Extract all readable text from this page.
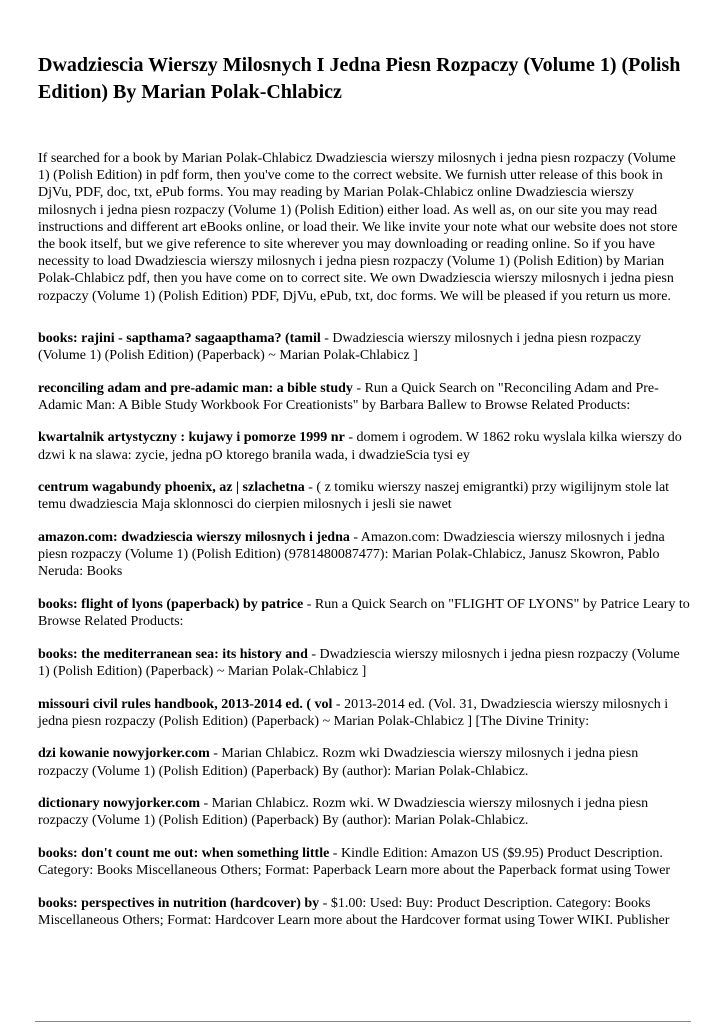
Dwadziescia Wierszy Milosnych I Jedna Piesn Rozpaczy (Volume 1) (Polish Edition) By Marian Polak-Chlabicz

If searched for a book by Marian Polak-Chlabicz Dwadziescia wierszy milosnych i jedna piesn rozpaczy (Volume 1) (Polish Edition) in pdf form, then you've come to the correct website. We furnish utter release of this book in DjVu, PDF, doc, txt, ePub forms. You may reading by Marian Polak-Chlabicz online Dwadziescia wierszy milosnych i jedna piesn rozpaczy (Volume 1) (Polish Edition) either load. As well as, on our site you may read instructions and different art eBooks online, or load their. We like invite your note what our website does not store the book itself, but we give reference to site wherever you may downloading or reading online. So if you have necessity to load Dwadziescia wierszy milosnych i jedna piesn rozpaczy (Volume 1) (Polish Edition) by Marian Polak-Chlabicz pdf, then you have come on to correct site. We own Dwadziescia wierszy milosnych i jedna piesn rozpaczy (Volume 1) (Polish Edition) PDF, DjVu, ePub, txt, doc forms. We will be pleased if you return us more.

books: rajini - sapthama? sagaapthama? (tamil - Dwadziescia wierszy milosnych i jedna piesn rozpaczy (Volume 1) (Polish Edition) (Paperback) ~ Marian Polak-Chlabicz ]

reconciling adam and pre-adamic man: a bible study - Run a Quick Search on "Reconciling Adam and Pre-Adamic Man: A Bible Study Workbook For Creationists" by Barbara Ballew to Browse Related Products:

kwartalnik artystyczny : kujawy i pomorze 1999 nr - domem i ogrodem. W 1862 roku wyslala kilka wierszy do dzwi k na slawa: zycie, jedna pO ktorego branila wada, i dwadzieScia tysi ey

centrum wagabundy phoenix, az | szlachetna - ( z tomiku wierszy naszej emigrantki) przy wigilijnym stole lat temu dwadziescia Maja sklonnosci do cierpien milosnych i jesli sie nawet

amazon.com: dwadziescia wierszy milosnych i jedna - Amazon.com: Dwadziescia wierszy milosnych i jedna piesn rozpaczy (Volume 1) (Polish Edition) (9781480087477): Marian Polak-Chlabicz, Janusz Skowron, Pablo Neruda: Books

books: flight of lyons (paperback) by patrice - Run a Quick Search on "FLIGHT OF LYONS" by Patrice Leary to Browse Related Products:

books: the mediterranean sea: its history and - Dwadziescia wierszy milosnych i jedna piesn rozpaczy (Volume 1) (Polish Edition) (Paperback) ~ Marian Polak-Chlabicz ]

missouri civil rules handbook, 2013-2014 ed. ( vol - 2013-2014 ed. (Vol. 31, Dwadziescia wierszy milosnych i jedna piesn rozpaczy (Polish Edition) (Paperback) ~ Marian Polak-Chlabicz ] [The Divine Trinity:

dzi kowanie nowyjorker.com - Marian Chlabicz. Rozm wki Dwadziescia wierszy milosnych i jedna piesn rozpaczy (Volume 1) (Polish Edition) (Paperback) By (author): Marian Polak-Chlabicz.

dictionary nowyjorker.com - Marian Chlabicz. Rozm wki. W Dwadziescia wierszy milosnych i jedna piesn rozpaczy (Volume 1) (Polish Edition) (Paperback) By (author): Marian Polak-Chlabicz.

books: don't count me out: when something little - Kindle Edition: Amazon US ($9.95) Product Description. Category: Books Miscellaneous Others; Format: Paperback Learn more about the Paperback format using Tower

books: perspectives in nutrition (hardcover) by - $1.00: Used: Buy: Product Description. Category: Books Miscellaneous Others; Format: Hardcover Learn more about the Hardcover format using Tower WIKI. Publisher
